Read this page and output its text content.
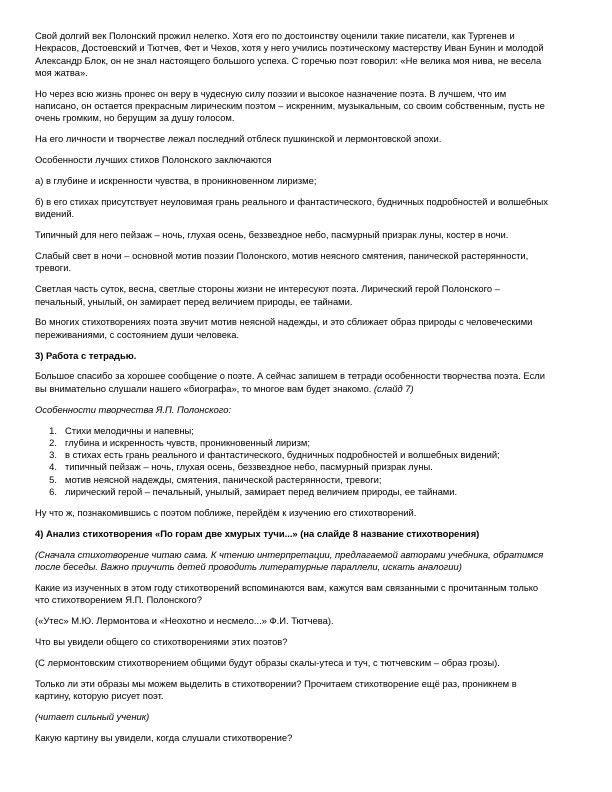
Свой долгий век Полонский прожил нелегко. Хотя его по достоинству оценили такие писатели, как Тургенев и Некрасов, Достоевский и Тютчев, Фет и Чехов, хотя у него учились поэтическому мастерству Иван Бунин и молодой Александр Блок, он не знал настоящего большого успеха. С горечью поэт говорил: «Не велика моя нива, не весела моя жатва».

Но через всю жизнь пронес он веру в чудесную силу поэзии и высокое назначение поэта. В лучшем, что им написано, он остается прекрасным лирическим поэтом – искренним, музыкальным, со своим собственным, пусть не очень громким, но берущим за душу голосом.

На его личности и творчестве лежал последний отблеск пушкинской и лермонтовской эпохи.

Особенности лучших стихов Полонского заключаются

а) в глубине и искренности чувства, в проникновенном лиризме;

б) в его стихах присутствует неуловимая грань реального и фантастического, будничных подробностей и волшебных видений.

Типичный для него пейзаж – ночь, глухая осень, беззвездное небо, пасмурный призрак луны, костер в ночи.

Слабый свет в ночи – основной мотив поэзии Полонского, мотив неясного смятения, панической растерянности, тревоги.

Светлая часть суток, весна, светлые стороны жизни не интересуют поэта. Лирический герой Полонского – печальный, унылый, он замирает перед величием природы, ее тайнами.

Во многих стихотворениях поэта звучит мотив неясной надежды, и это сближает образ природы с человеческими переживаниями, с состоянием души человека.

3) Работа с тетрадью.

Большое спасибо за хорошее сообщение о поэте. А сейчас запишем в тетради особенности творчества поэта. Если вы внимательно слушали нашего «биографа», то многое вам будет знакомо. (слайд 7)

Особенности творчества Я.П. Полонского:

1. Стихи мелодичны и напевны;
2. глубина и искренность чувств, проникновенный лиризм;
3. в стихах есть грань реального и фантастического, будничных подробностей и волшебных видений;
4. типичный пейзаж – ночь, глухая осень, беззвездное небо, пасмурный призрак луны.
5. мотив неясной надежды, смятения, панической растерянности, тревоги;
6. лирический герой – печальный, унылый, замирает перед величием природы, ее тайнами.

Ну что ж, познакомившись с поэтом поближе, перейдём к изучению его стихотворений.

4) Анализ стихотворения «По горам две хмурых тучи...» (на слайде 8 название стихотворения)

(Сначала стихотворение читаю сама. К чтению интерпретации, предлагаемой авторами учебника, обратимся после беседы. Важно приучить детей проводить литературные параллели, искать аналогии)

Какие из изученных в этом году стихотворений вспоминаются вам, кажутся вам связанными с прочитанным только что стихотворением Я.П. Полонского?

(«Утес» М.Ю. Лермонтова и «Неохотно и несмело...» Ф.И. Тютчева).

Что вы увидели общего со стихотворениями этих поэтов?

(С лермонтовским стихотворением общими будут образы скалы-утеса и туч, с тютчевским – образ грозы).

Только ли эти образы мы можем выделить в стихотворении? Прочитаем стихотворение ещё раз, проникнем в картину, которую рисует поэт.

(читает сильный ученик)

Какую картину вы увидели, когда слушали стихотворение?
